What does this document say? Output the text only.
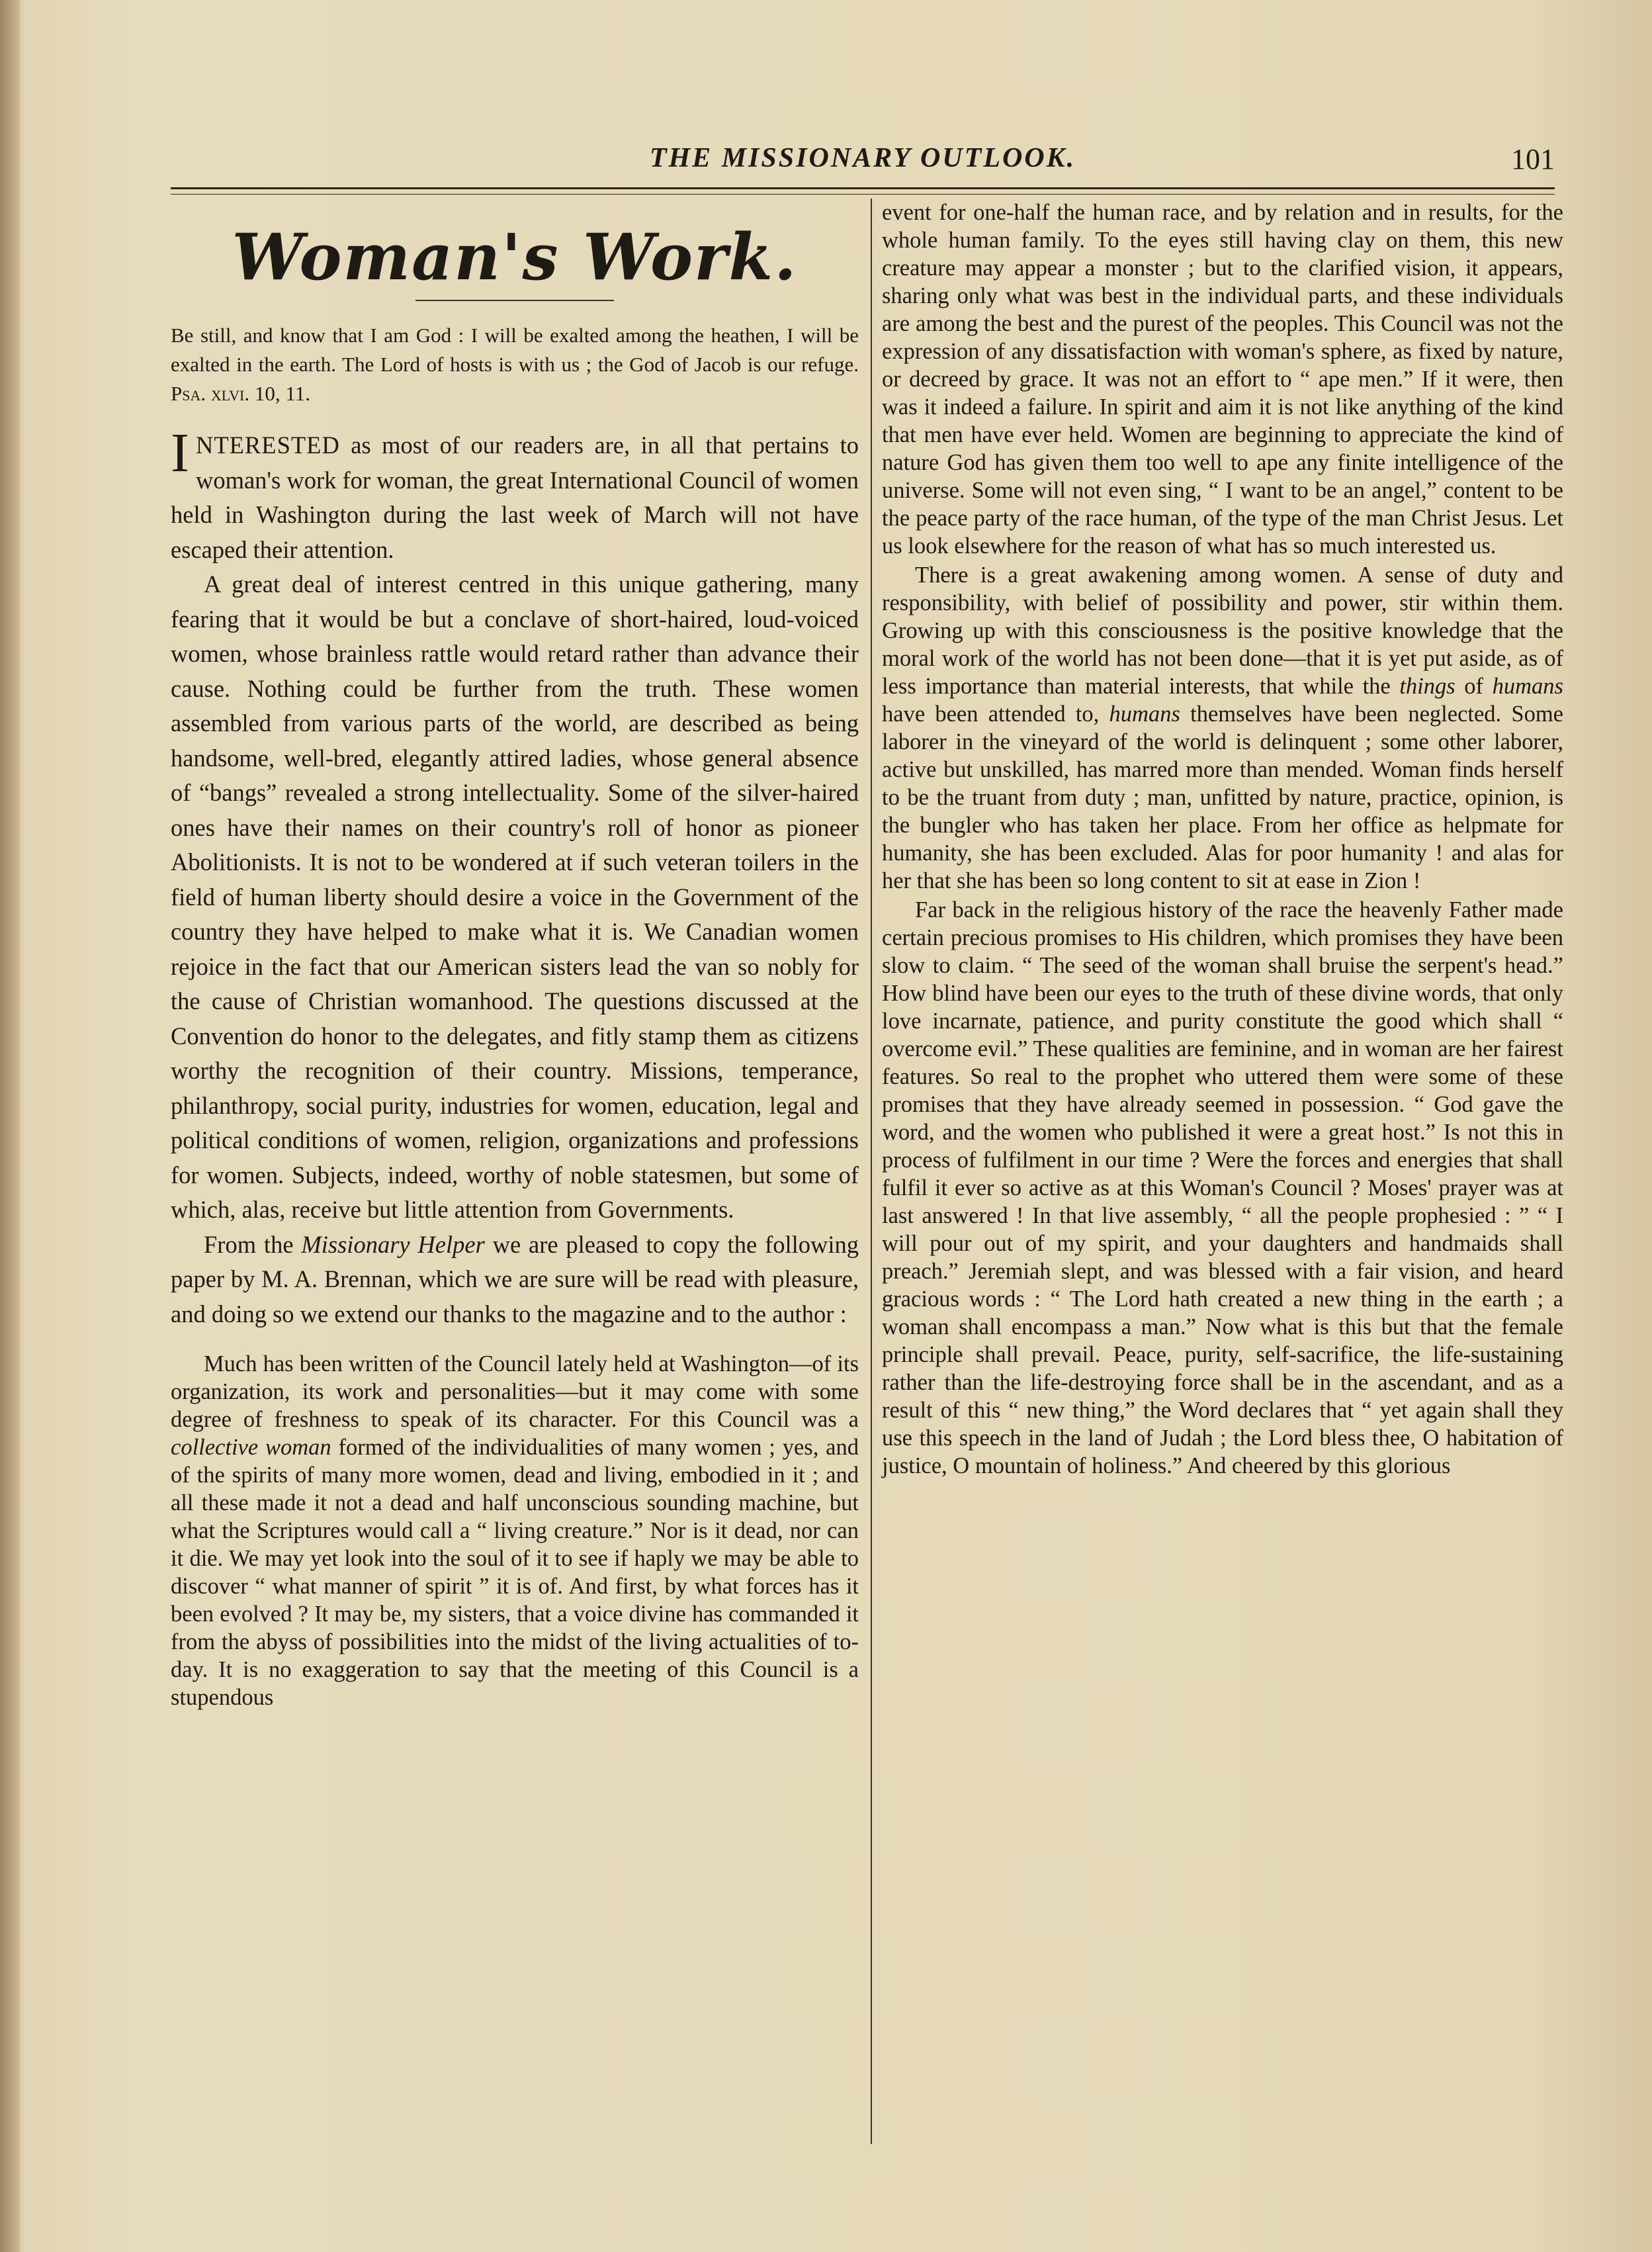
THE MISSIONARY OUTLOOK.	101
Woman's Work.

Be still, and know that I am God : I will be exalted among the heathen, I will be exalted in the earth. The Lord of hosts is with us ; the God of Jacob is our refuge. Psa. xlvi. 10, 11.

INTERESTED as most of our readers are, in all that pertains to woman's work for woman, the great International Council of women held in Washington during the last week of March will not have escaped their attention.

A great deal of interest centred in this unique gathering, many fearing that it would be but a conclave of short-haired, loud-voiced women, whose brainless rattle would retard rather than advance their cause. Nothing could be further from the truth. These women assembled from various parts of the world, are described as being handsome, well-bred, elegantly attired ladies, whose general absence of “bangs” revealed a strong intellectuality. Some of the silver-haired ones have their names on their country's roll of honor as pioneer Abolitionists. It is not to be wondered at if such veteran toilers in the field of human liberty should desire a voice in the Government of the country they have helped to make what it is. We Canadian women rejoice in the fact that our American sisters lead the van so nobly for the cause of Christian womanhood. The questions discussed at the Convention do honor to the delegates, and fitly stamp them as citizens worthy the recognition of their country. Missions, temperance, philanthropy, social purity, industries for women, education, legal and political conditions of women, religion, organizations and professions for women. Subjects, indeed, worthy of noble statesmen, but some of which, alas, receive but little attention from Governments.

From the Missionary Helper we are pleased to copy the following paper by M. A. Brennan, which we are sure will be read with pleasure, and doing so we extend our thanks to the magazine and to the author :

Much has been written of the Council lately held at Washington—of its organization, its work and personalities—but it may come with some degree of freshness to speak of its character. For this Council was a collective woman formed of the individualities of many women ; yes, and of the spirits of many more women, dead and living, embodied in it ; and all these made it not a dead and half unconscious sounding machine, but what the Scriptures would call a “ living creature.” Nor is it dead, nor can it die. We may yet look into the soul of it to see if haply we may be able to discover “ what manner of spirit ” it is of. And first, by what forces has it been evolved ? It may be, my sisters, that a voice divine has commanded it from the abyss of possibilities into the midst of the living actualities of to-day. It is no exaggeration to say that the meeting of this Council is a stupendous

event for one-half the human race, and by relation and in results, for the whole human family. To the eyes still having clay on them, this new creature may appear a monster ; but to the clarified vision, it appears, sharing only what was best in the individual parts, and these individuals are among the best and the purest of the peoples. This Council was not the expression of any dissatisfaction with woman's sphere, as fixed by nature, or decreed by grace. It was not an effort to “ ape men.” If it were, then was it indeed a failure. In spirit and aim it is not like anything of the kind that men have ever held. Women are beginning to appreciate the kind of nature God has given them too well to ape any finite intelligence of the universe. Some will not even sing, “ I want to be an angel,” content to be the peace party of the race human, of the type of the man Christ Jesus. Let us look elsewhere for the reason of what has so much interested us.

There is a great awakening among women. A sense of duty and responsibility, with belief of possibility and power, stir within them. Growing up with this consciousness is the positive knowledge that the moral work of the world has not been done—that it is yet put aside, as of less importance than material interests, that while the things of humans have been attended to, humans themselves have been neglected. Some laborer in the vineyard of the world is delinquent ; some other laborer, active but unskilled, has marred more than mended. Woman finds herself to be the truant from duty ; man, unfitted by nature, practice, opinion, is the bungler who has taken her place. From her office as helpmate for humanity, she has been excluded. Alas for poor humanity ! and alas for her that she has been so long content to sit at ease in Zion !

Far back in the religious history of the race the heavenly Father made certain precious promises to His children, which promises they have been slow to claim. “ The seed of the woman shall bruise the serpent's head.” How blind have been our eyes to the truth of these divine words, that only love incarnate, patience, and purity constitute the good which shall “ overcome evil.” These qualities are feminine, and in woman are her fairest features. So real to the prophet who uttered them were some of these promises that they have already seemed in possession. “ God gave the word, and the women who published it were a great host.” Is not this in process of fulfilment in our time ? Were the forces and energies that shall fulfil it ever so active as at this Woman's Council ? Moses' prayer was at last answered ! In that live assembly, “ all the people prophesied : ” “ I will pour out of my spirit, and your daughters and handmaids shall preach.” Jeremiah slept, and was blessed with a fair vision, and heard gracious words : “ The Lord hath created a new thing in the earth ; a woman shall encompass a man.” Now what is this but that the female principle shall prevail. Peace, purity, self-sacrifice, the life-sustaining rather than the life-destroying force shall be in the ascendant, and as a result of this “ new thing,” the Word declares that “ yet again shall they use this speech in the land of Judah ; the Lord bless thee, O habitation of justice, O mountain of holiness.” And cheered by this glorious
